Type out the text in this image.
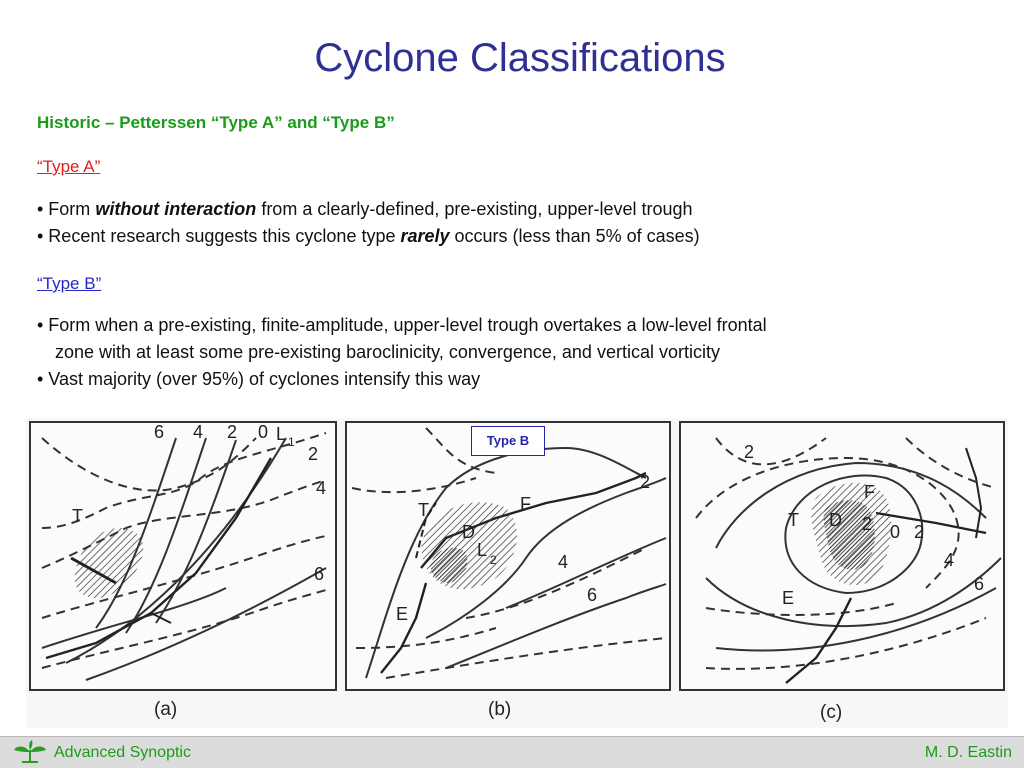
Cyclone Classifications
Historic – Petterssen “Type A” and “Type B”
“Type A”
• Form without interaction from a clearly-defined, pre-existing, upper-level trough
• Recent research suggests this cyclone type rarely occurs (less than 5% of cases)
“Type B”
• Form when a pre-existing, finite-amplitude, upper-level trough overtakes a low-level frontal
zone with at least some pre-existing baroclinicity, convergence, and vertical vorticity
• Vast majority (over 95%) of cyclones intensify this way
6 4 2 0 L 1
2
4
6
T
(a)
2
4
6
T
D
L 2
F
E
(b)
2
0 2
4
6
F
D
T
E
2
(c)
Type B
Advanced Synoptic	M. D. Eastin
